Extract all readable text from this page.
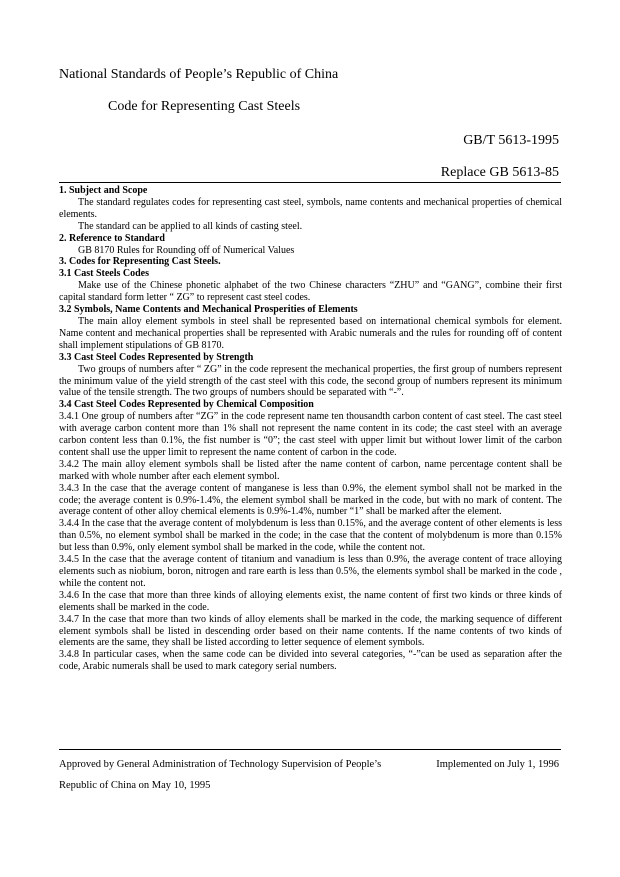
National Standards of People’s Republic of China
Code for Representing Cast Steels
GB/T 5613-1995
Replace GB 5613-85

1. Subject and Scope

The standard regulates codes for representing cast steel, symbols, name contents and mechanical properties of chemical elements.

The standard can be applied to all kinds of casting steel.

2. Reference to Standard

GB 8170 Rules for Rounding off of Numerical Values

3. Codes for Representing Cast Steels.

3.1 Cast Steels Codes

Make use of the Chinese phonetic alphabet of the two Chinese characters “ZHU” and “GANG”, combine their first capital standard form letter “ ZG” to represent cast steel codes.

3.2 Symbols, Name Contents and Mechanical Prosperities of Elements

The main alloy element symbols in steel shall be represented based on international chemical symbols for element. Name content and mechanical properties shall be represented with Arabic numerals and the rules for rounding off of content shall implement stipulations of GB 8170.

3.3 Cast Steel Codes Represented by Strength

Two groups of numbers after “ ZG” in the code represent the mechanical properties, the first group of numbers represent the minimum value of the yield strength of the cast steel with this code, the second group of numbers represent its minimum value of the tensile strength. The two groups of numbers should be separated with “-”.

3.4 Cast Steel Codes Represented by Chemical Composition

3.4.1 One group of numbers after “ZG” in the code represent name ten thousandth carbon content of cast steel. The cast steel with average carbon content more than 1% shall not represent the name content in its code; the cast steel with an average carbon content less than 0.1%, the fist number is “0”; the cast steel with upper limit but without lower limit of the carbon content shall use the upper limit to represent the name content of carbon in the code.

3.4.2 The main alloy element symbols shall be listed after the name content of carbon, name percentage content shall be marked with whole number after each element symbol.

3.4.3 In the case that the average content of manganese is less than 0.9%, the element symbol shall not be marked in the code; the average content is 0.9%-1.4%, the element symbol shall be marked in the code, but with no mark of content. The average content of other alloy chemical elements is 0.9%-1.4%, number “1” shall be marked after the element.

3.4.4 In the case that the average content of molybdenum is less than 0.15%, and the average content of other elements is less than 0.5%, no element symbol shall be marked in the code; in the case that the content of molybdenum is more than 0.15% but less than 0.9%, only element symbol shall be marked in the code, while the content not.

3.4.5 In the case that the average content of titanium and vanadium is less than 0.9%, the average content of trace alloying elements such as niobium, boron, nitrogen and rare earth is less than 0.5%, the elements symbol shall be marked in the code , while the content not.

3.4.6 In the case that more than three kinds of alloying elements exist, the name content of first two kinds or three kinds of elements shall be marked in the code.

3.4.7 In the case that more than two kinds of alloy elements shall be marked in the code, the marking sequence of different element symbols shall be listed in descending order based on their name contents. If the name contents of two kinds of elements are the same, they shall be listed according to letter sequence of element symbols.

3.4.8 In particular cases, when the same code can be divided into several categories, “-”can be used as separation after the code, Arabic numerals shall be used to mark category serial numbers.

Approved by General Administration of Technology Supervision of People’s Republic of China on May 10, 1995
Implemented on July 1, 1996
